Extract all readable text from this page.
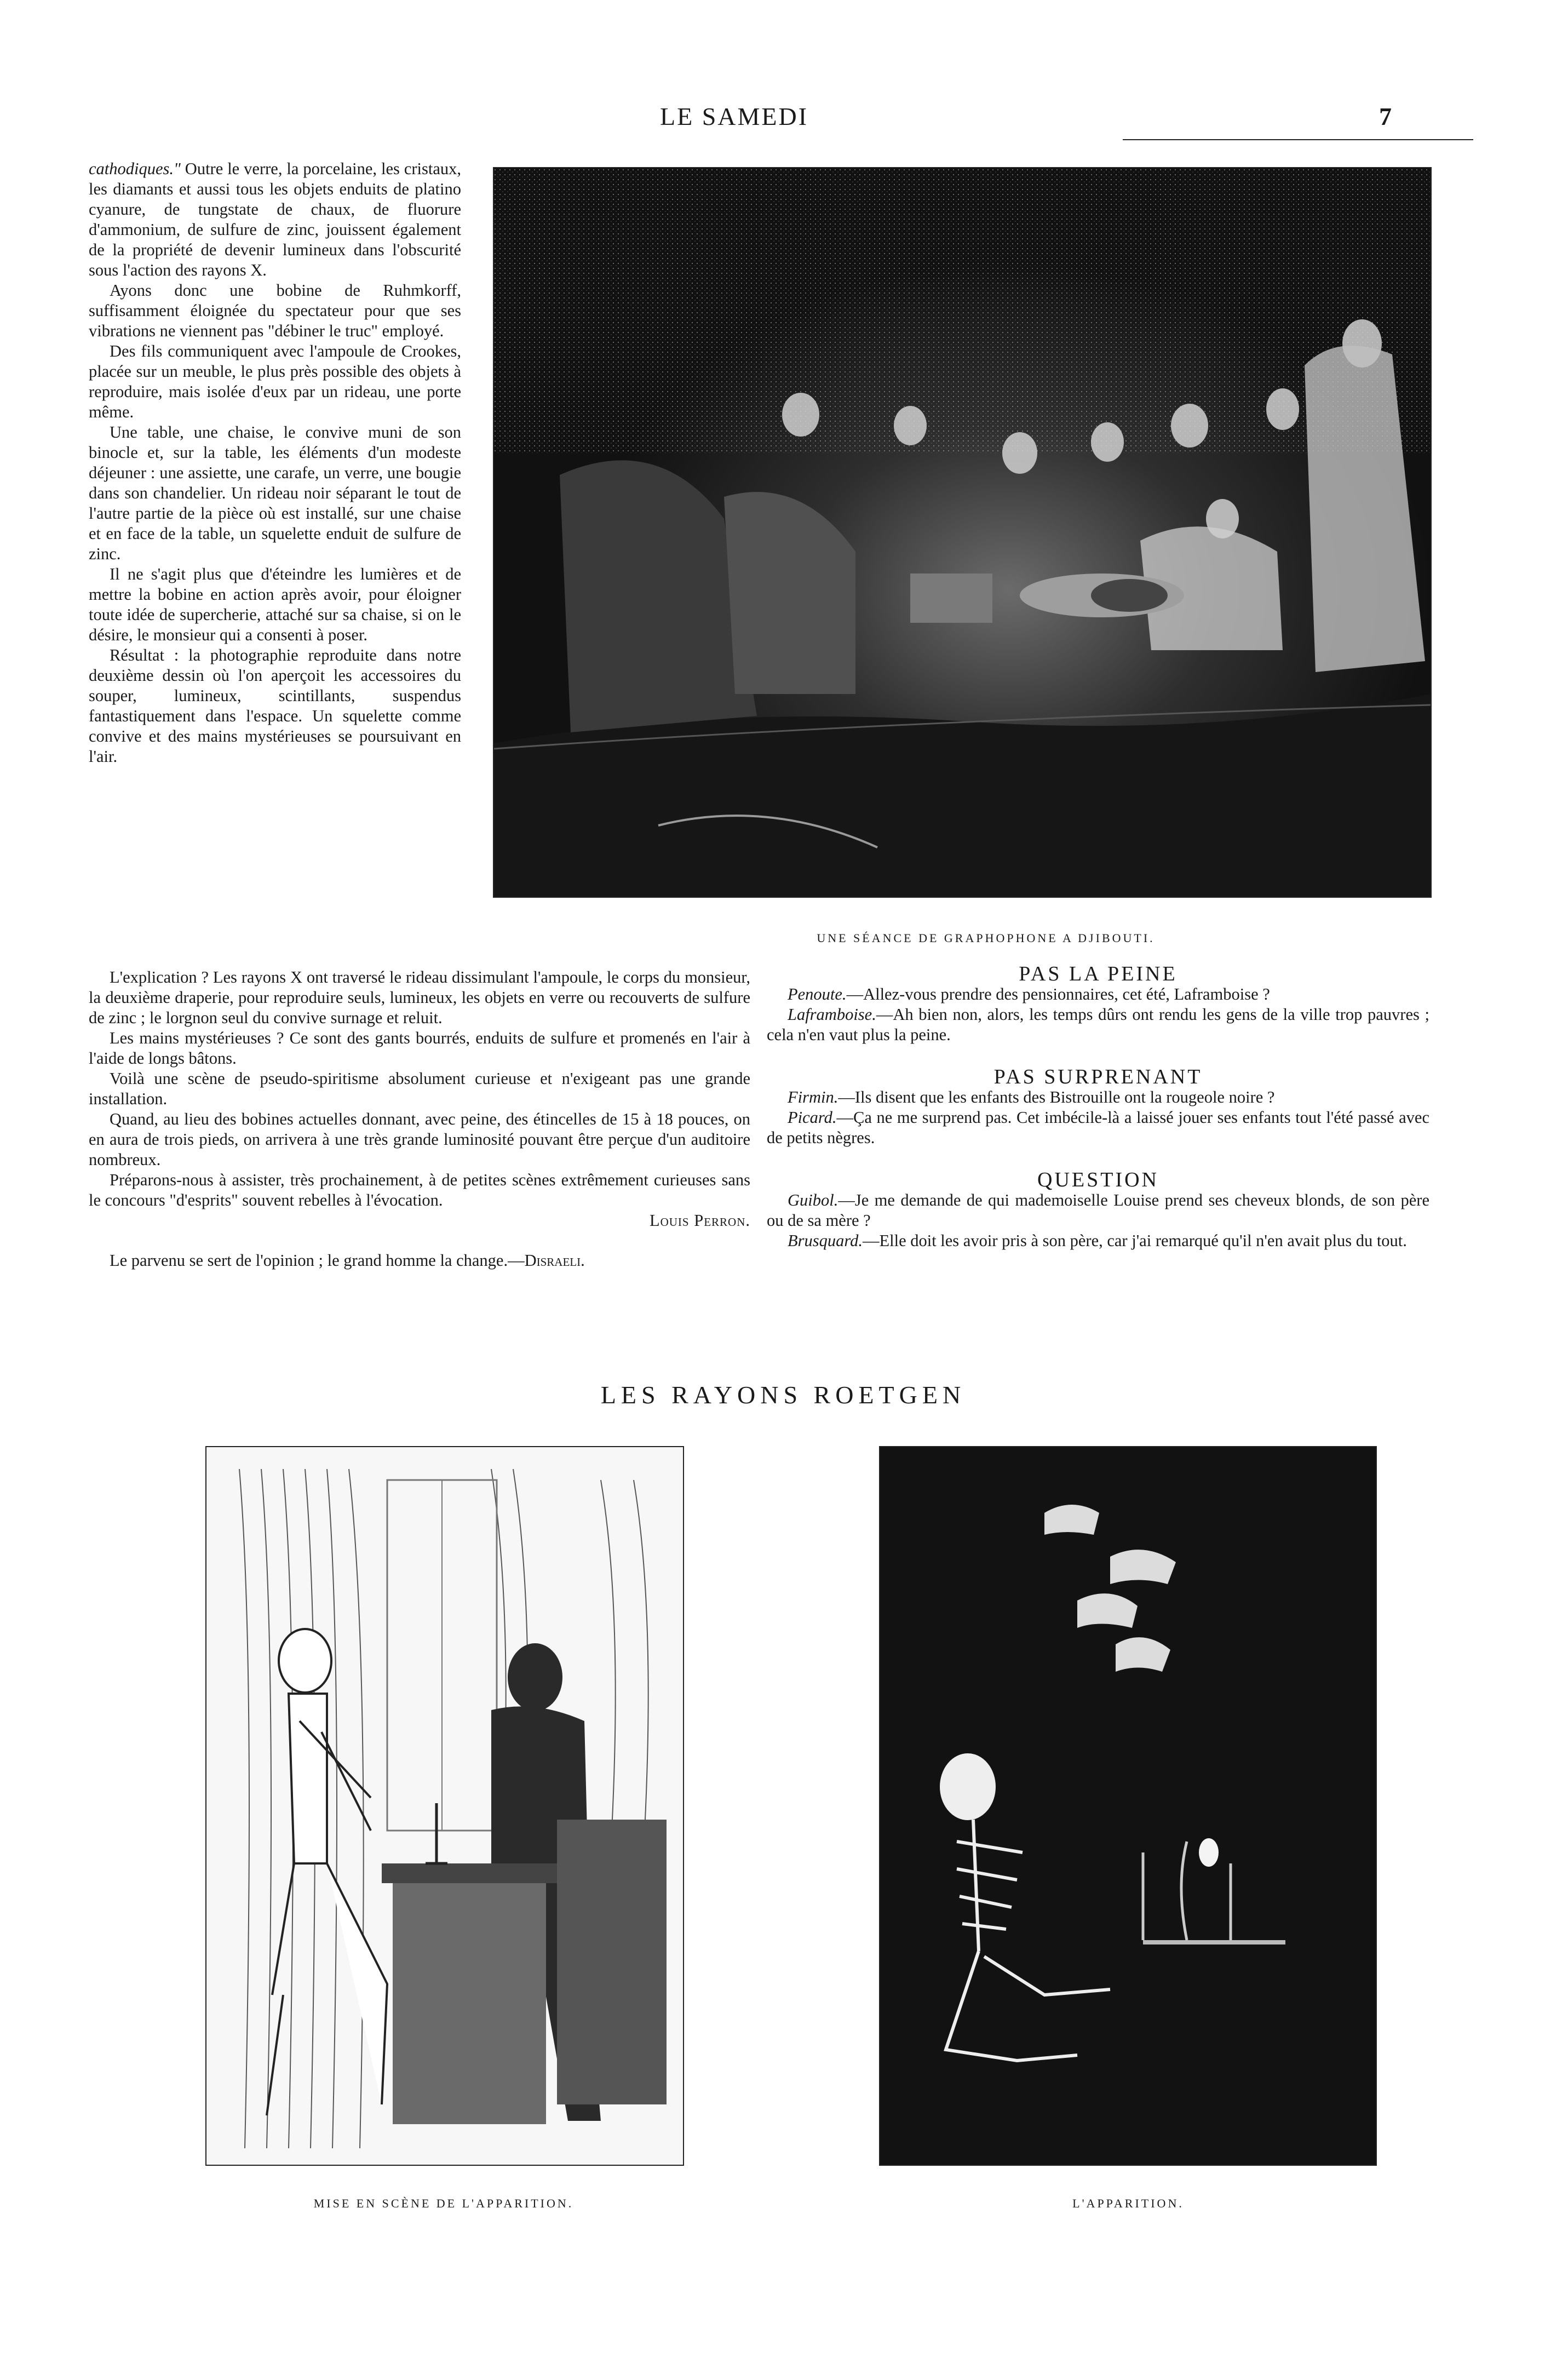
LE SAMEDI	7

cathodiques." Outre le verre, la porcelaine, les cristaux, les diamants et aussi tous les objets enduits de platino cyanure, de tungstate de chaux, de fluorure d'ammonium, de sulfure de zinc, jouissent également de la propriété de devenir lumineux dans l'obscurité sous l'action des rayons X.

Ayons donc une bobine de Ruhmkorff, suffisamment éloignée du spectateur pour que ses vibrations ne viennent pas "débiner le truc" employé.

Des fils communiquent avec l'ampoule de Crookes, placée sur un meuble, le plus près possible des objets à reproduire, mais isolée d'eux par un rideau, une porte même.

Une table, une chaise, le convive muni de son binocle et, sur la table, les éléments d'un modeste déjeuner : une assiette, une carafe, un verre, une bougie dans son chandelier. Un rideau noir séparant le tout de l'autre partie de la pièce où est installé, sur une chaise et en face de la table, un squelette enduit de sulfure de zinc.

Il ne s'agit plus que d'éteindre les lumières et de mettre la bobine en action après avoir, pour éloigner toute idée de supercherie, attaché sur sa chaise, si on le désire, le monsieur qui a consenti à poser.

Résultat : la photographie reproduite dans notre deuxième dessin où l'on aperçoit les accessoires du souper, lumineux, scintillants, suspendus fantastiquement dans l'espace. Un squelette comme convive et des mains mystérieuses se poursuivant en l'air.

UNE SÉANCE DE GRAPHOPHONE A DJIBOUTI.

L'explication ? Les rayons X ont traversé le rideau dissimulant l'ampoule, le corps du monsieur, la deuxième draperie, pour reproduire seuls, lumineux, les objets en verre ou recouverts de sulfure de zinc ; le lorgnon seul du convive surnage et reluit.

Les mains mystérieuses ? Ce sont des gants bourrés, enduits de sulfure et promenés en l'air à l'aide de longs bâtons.

Voilà une scène de pseudo-spiritisme absolument curieuse et n'exigeant pas une grande installation.

Quand, au lieu des bobines actuelles donnant, avec peine, des étincelles de 15 à 18 pouces, on en aura de trois pieds, on arrivera à une très grande luminosité pouvant être perçue d'un auditoire nombreux.

Préparons-nous à assister, très prochainement, à de petites scènes extrêmement curieuses sans le concours "d'esprits" souvent rebelles à l'évocation.

Louis Perron.

Le parvenu se sert de l'opinion ; le grand homme la change.—Disraeli.

PAS LA PEINE

Penoute.—Allez-vous prendre des pensionnaires, cet été, Laframboise ?

Laframboise.—Ah bien non, alors, les temps dûrs ont rendu les gens de la ville trop pauvres ; cela n'en vaut plus la peine.

PAS SURPRENANT

Firmin.—Ils disent que les enfants des Bistrouille ont la rougeole noire ?

Picard.—Ça ne me surprend pas. Cet imbécile-là a laissé jouer ses enfants tout l'été passé avec de petits nègres.

QUESTION

Guibol.—Je me demande de qui mademoiselle Louise prend ses cheveux blonds, de son père ou de sa mère ?

Brusquard.—Elle doit les avoir pris à son père, car j'ai remarqué qu'il n'en avait plus du tout.

LES RAYONS ROETGEN
MISE EN SCÈNE DE L'APPARITION.	L'APPARITION.
